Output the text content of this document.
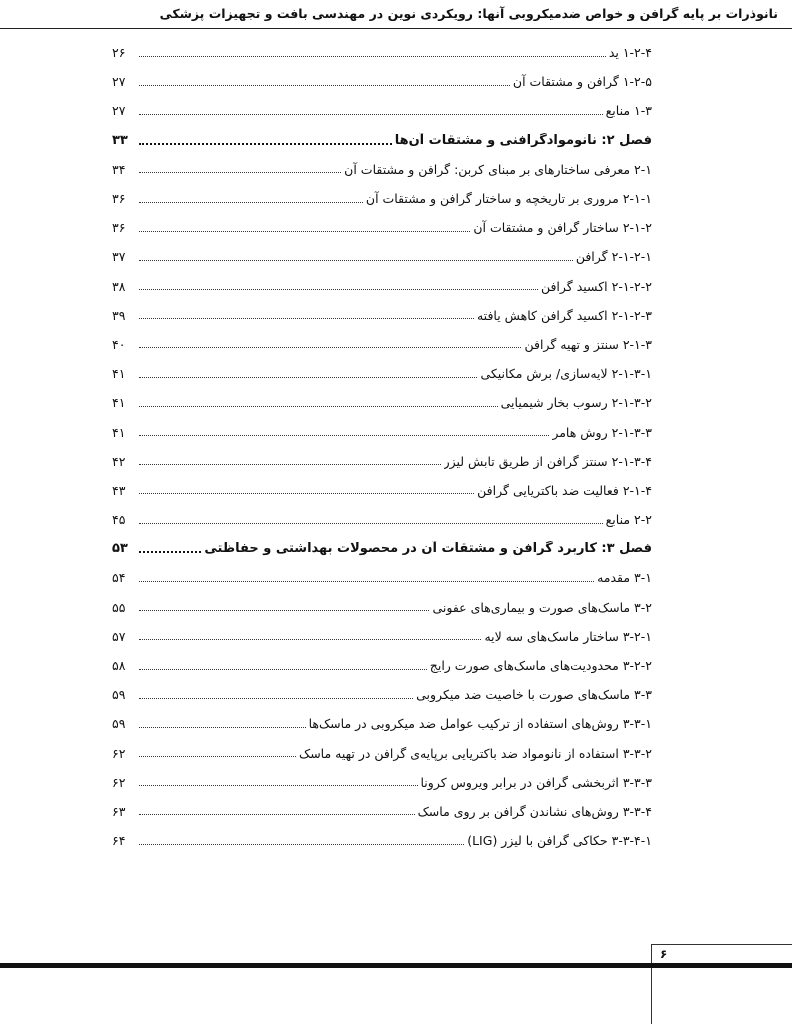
نانوذرات بر پایه گرافن و خواص ضدمیکروبی آنها: رویکردی نوین در مهندسی بافت و تجهیزات پزشکی
۱-۲-۴ ید
۲۶
۱-۲-۵ گرافن و مشتقات آن
۲۷
۱-۳ منابع
۲۷
فصل ۲: نانوموادگرافنی و مشتقات آن‌ها
۳۳
۲-۱ معرفی ساختارهای بر مبنای کربن: گرافن و مشتقات آن
۳۴
۲-۱-۱ مروری بر تاریخچه و ساختار گرافن و مشتقات آن
۳۶
۲-۱-۲ ساختار گرافن و مشتقات آن
۳۶
۲-۱-۲-۱ گرافن
۳۷
۲-۱-۲-۲ اکسید گرافن
۳۸
۲-۱-۲-۳ اکسید گرافن کاهش یافته
۳۹
۲-۱-۳ سنتز و تهیه گرافن
۴۰
۲-۱-۳-۱ لایه‌سازی/ برش مکانیکی
۴۱
۲-۱-۳-۲ رسوب بخار شیمیایی
۴۱
۲-۱-۳-۳ روش هامر
۴۱
۲-۱-۳-۴ سنتز گرافن از طریق تابش لیزر
۴۲
۲-۱-۴ فعالیت ضد باکتریایی گرافن
۴۳
۲-۲ منابع
۴۵
فصل ۳: کاربرد گرافن و مشتقات آن در محصولات بهداشتی و حفاظتی
۵۳
۳-۱ مقدمه
۵۴
۳-۲ ماسک‌های صورت و بیماری‌های عفونی
۵۵
۳-۲-۱ ساختار ماسک‌های سه لایه
۵۷
۳-۲-۲ محدودیت‌های ماسک‌های صورت رایج
۵۸
۳-۳ ماسک‌های صورت با خاصیت ضد میکروبی
۵۹
۳-۳-۱ روش‌های استفاده از ترکیب عوامل ضد میکروبی در ماسک‌ها
۵۹
۳-۳-۲ استفاده از نانومواد ضد باکتریایی برپایه‌ی گرافن در تهیه ماسک
۶۲
۳-۳-۳ اثربخشی گرافن در برابر ویروس کرونا
۶۲
۳-۳-۴ روش‌های نشاندن گرافن بر روی ماسک
۶۳
۳-۳-۴-۱ حکاکی گرافن با لیزر (LIG)
۶۴
۶
